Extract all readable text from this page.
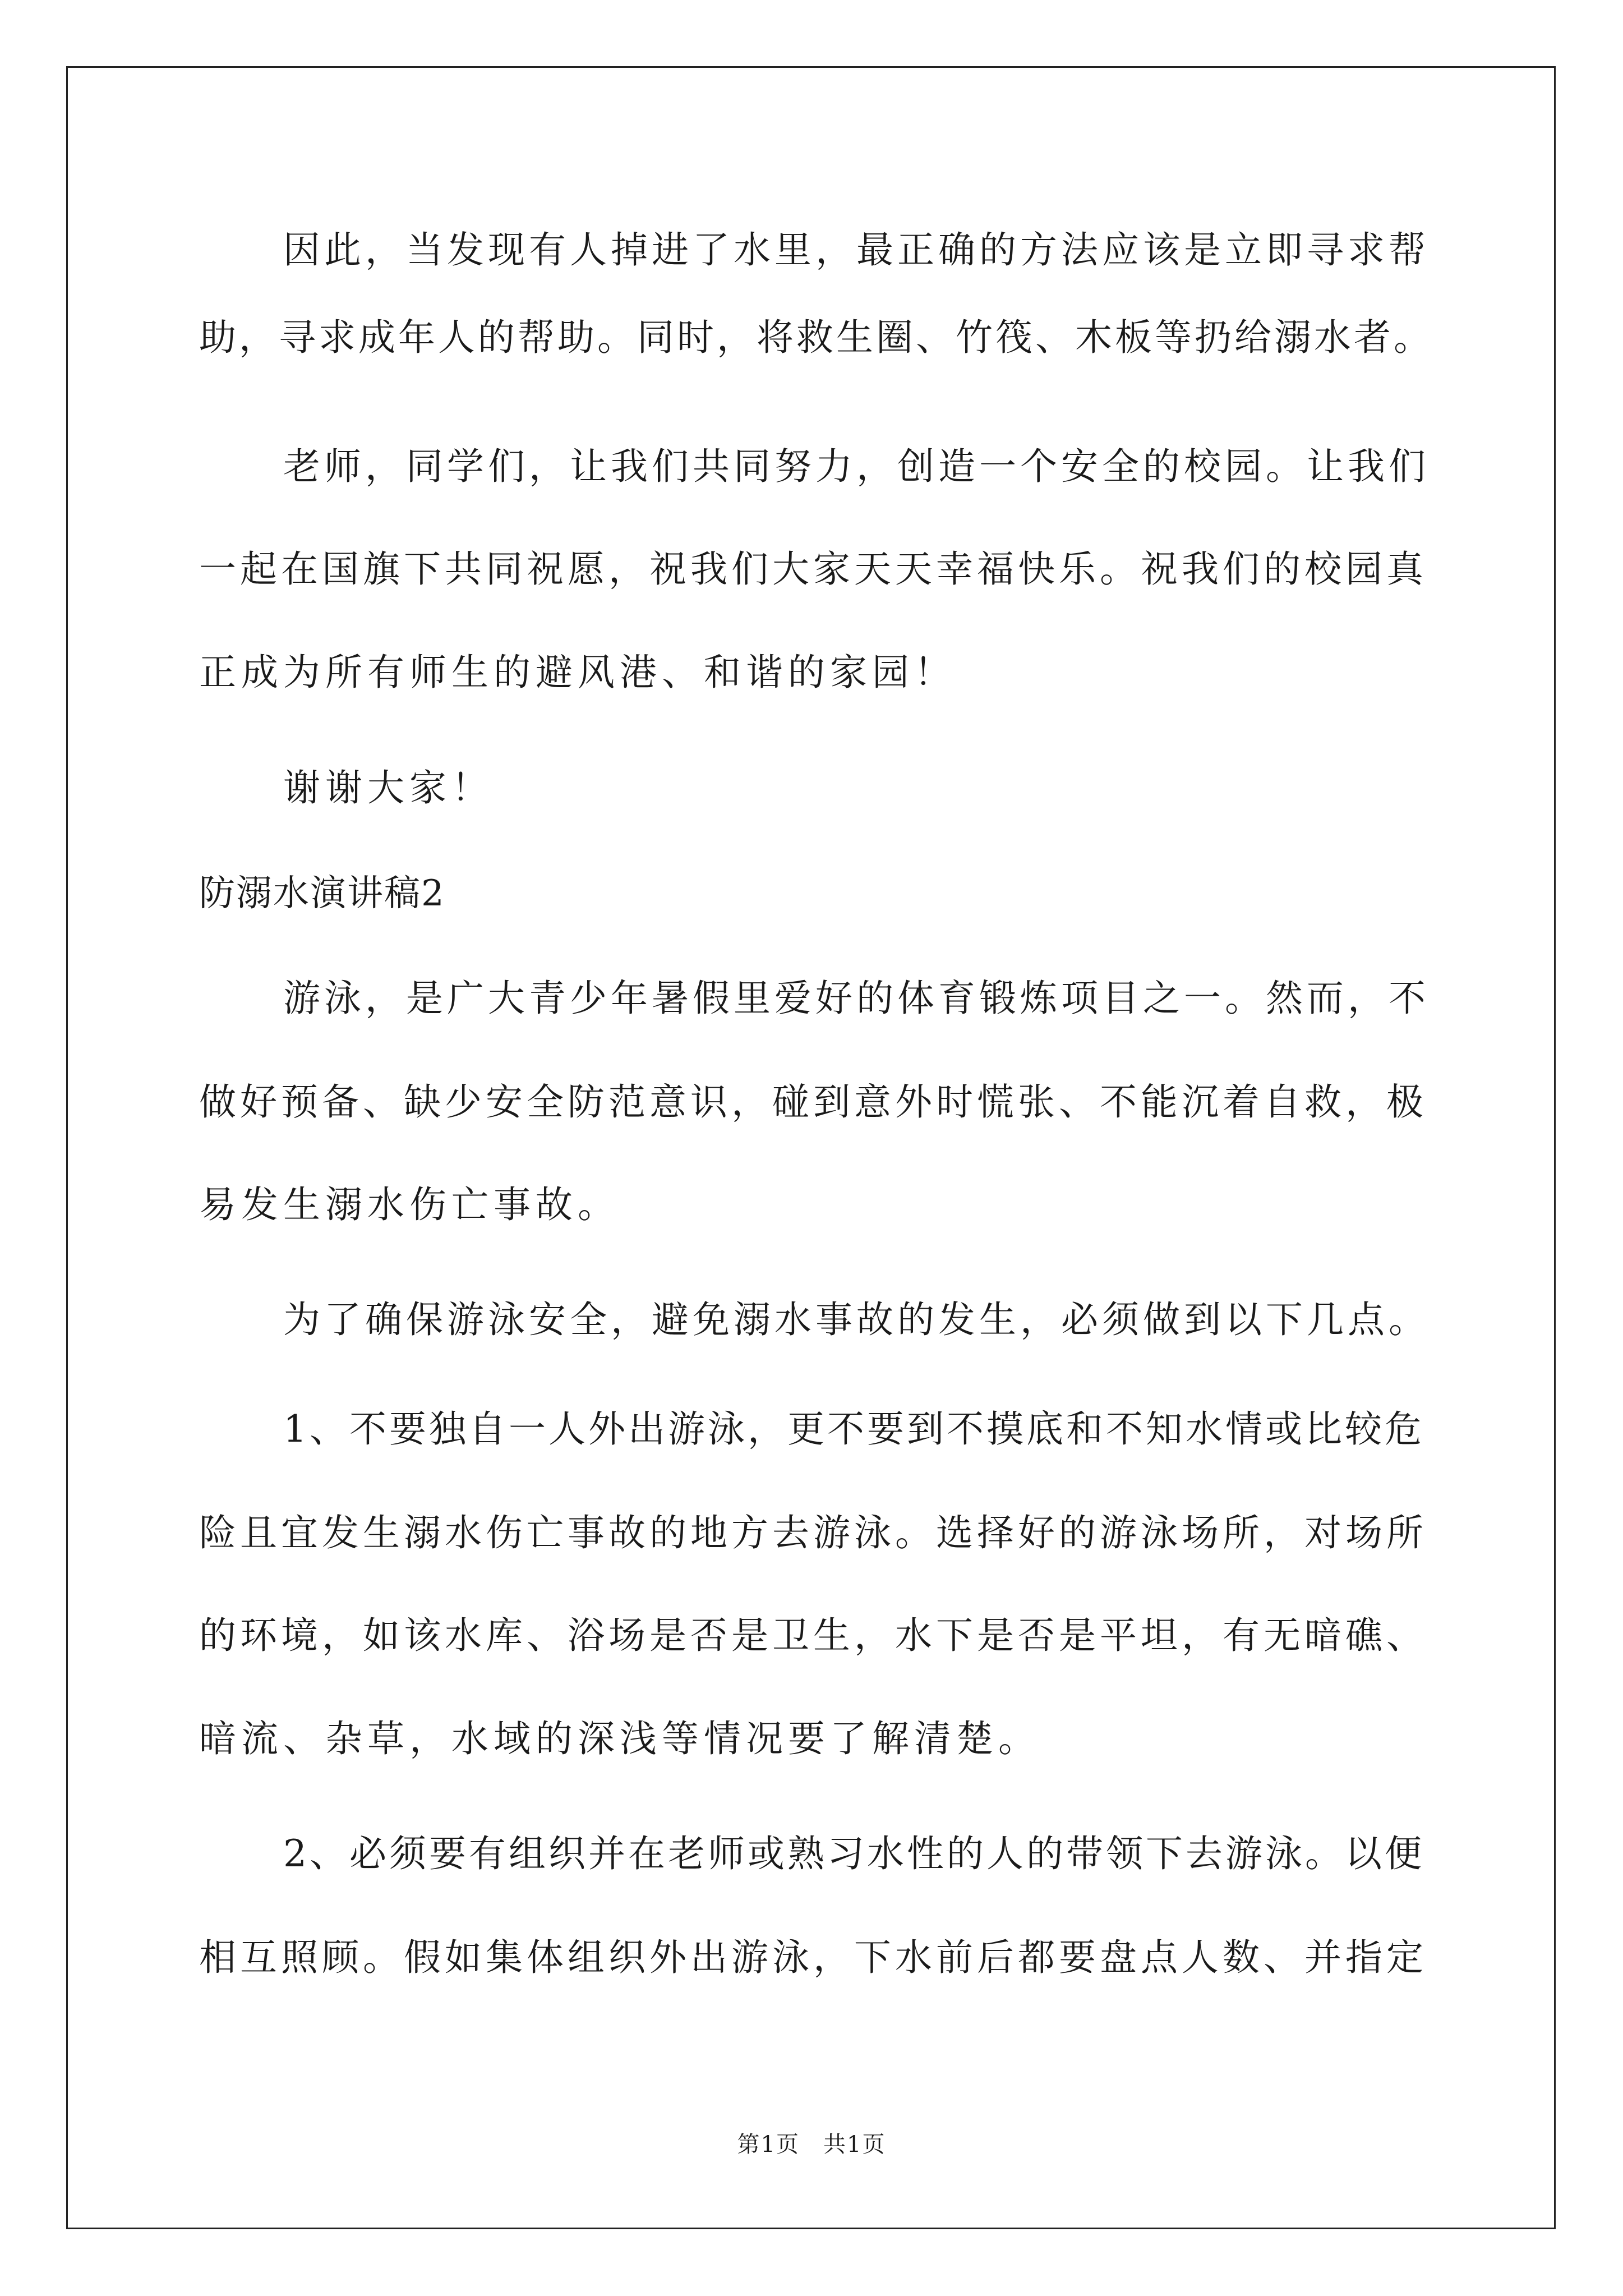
因此，当发现有人掉进了水里，最正确的方法应该是立即寻求帮
助，寻求成年人的帮助。同时，将救生圈、竹筏、木板等扔给溺水者。
老师，同学们，让我们共同努力，创造一个安全的校园。让我们
一起在国旗下共同祝愿，祝我们大家天天幸福快乐。祝我们的校园真
正成为所有师生的避风港、和谐的家园！
谢谢大家！
防溺水演讲稿2
游泳，是广大青少年暑假里爱好的体育锻炼项目之一。然而，不
做好预备、缺少安全防范意识，碰到意外时慌张、不能沉着自救，极
易发生溺水伤亡事故。
为了确保游泳安全，避免溺水事故的发生，必须做到以下几点。
1、不要独自一人外出游泳，更不要到不摸底和不知水情或比较危
险且宜发生溺水伤亡事故的地方去游泳。选择好的游泳场所，对场所
的环境，如该水库、浴场是否是卫生，水下是否是平坦，有无暗礁、
暗流、杂草，水域的深浅等情况要了解清楚。
2、必须要有组织并在老师或熟习水性的人的带领下去游泳。以便
相互照顾。假如集体组织外出游泳，下水前后都要盘点人数、并指定
第1页　共1页
